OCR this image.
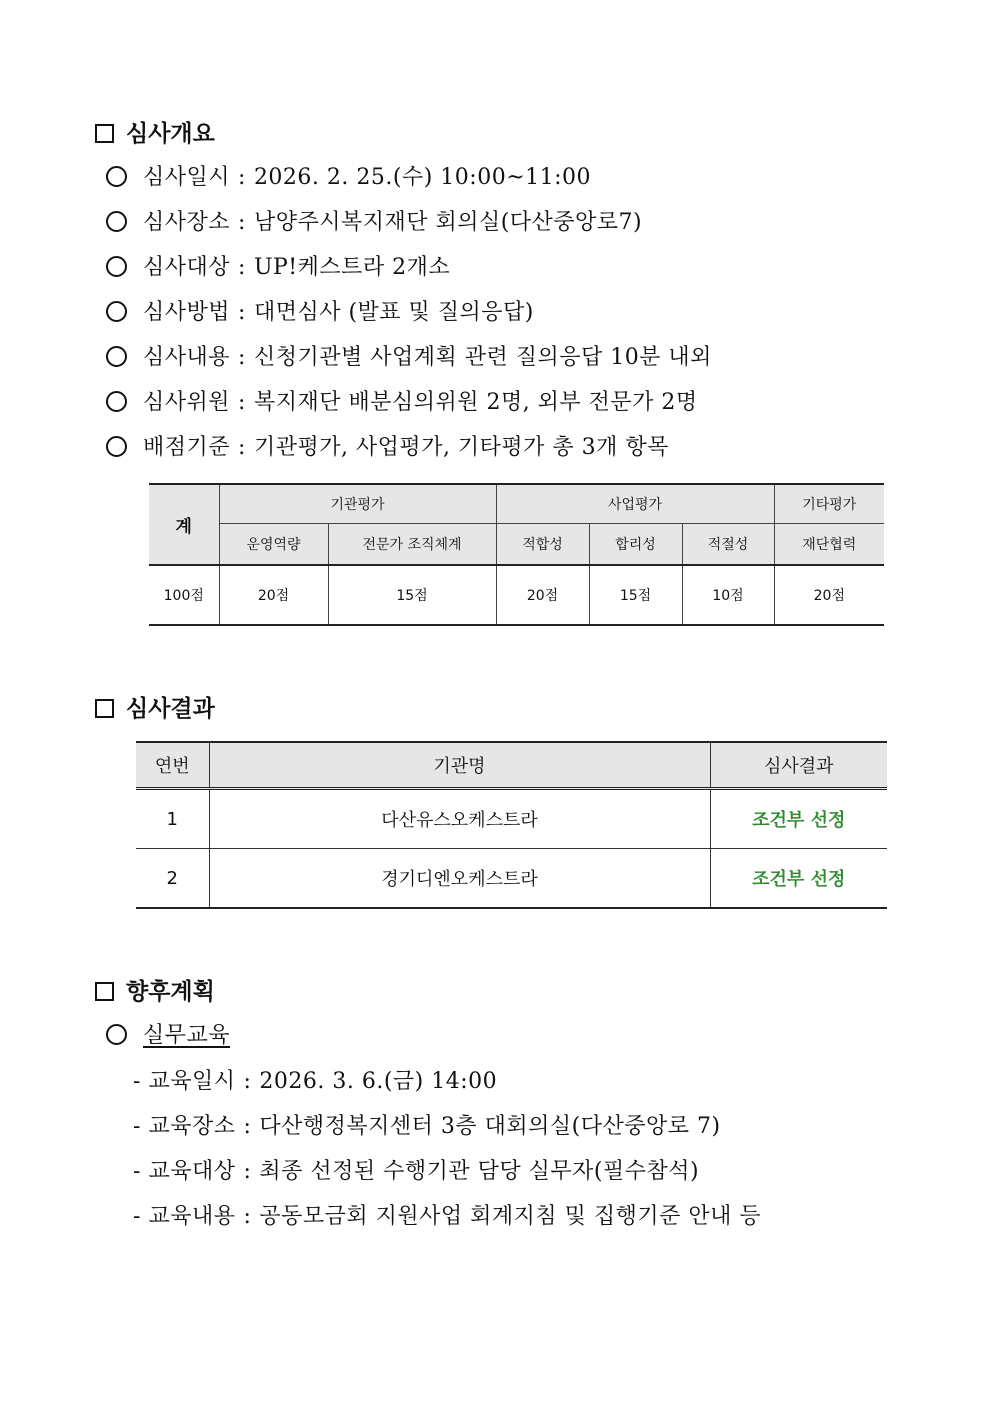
심사개요
심사일시 : 2026. 2. 25.(수) 10:00~11:00
심사장소 : 남양주시복지재단 회의실(다산중앙로7)
심사대상 : UP!케스트라 2개소
심사방법 : 대면심사 (발표 및 질의응답)
심사내용 : 신청기관별 사업계획 관련 질의응답 10분 내외
심사위원 : 복지재단 배분심의위원 2명, 외부 전문가 2명
배점기준 : 기관평가, 사업평가, 기타평가 총 3개 항목
계	기관평가		사업평가			기타평가
	운영역량	전문가 조직체계	적합성	합리성	적절성	재단협력
100점	20점	15점	20점	15점	10점	20점
심사결과
연번	기관명	심사결과
1	다산유스오케스트라	조건부 선정
2	경기디엔오케스트라	조건부 선정
향후계획
실무교육
- 교육일시 : 2026. 3. 6.(금) 14:00
- 교육장소 : 다산행정복지센터 3층 대회의실(다산중앙로 7)
- 교육대상 : 최종 선정된 수행기관 담당 실무자(필수참석)
- 교육내용 : 공동모금회 지원사업 회계지침 및 집행기준 안내 등
